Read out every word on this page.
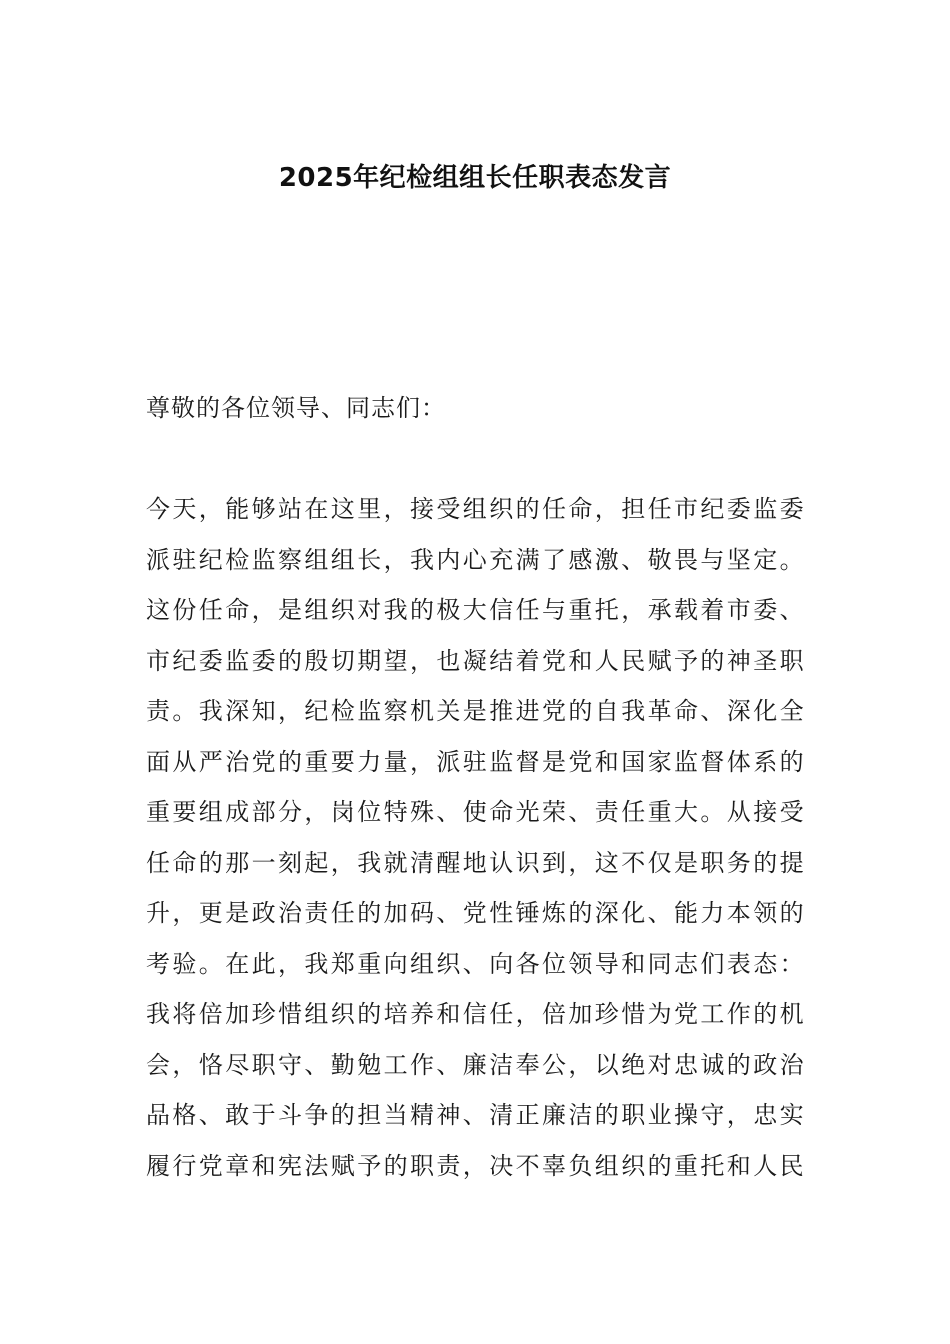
2025年纪检组组长任职表态发言
尊敬的各位领导、同志们：
今天，能够站在这里，接受组织的任命，担任市纪委监委
派驻纪检监察组组长，我内心充满了感激、敬畏与坚定。
这份任命，是组织对我的极大信任与重托，承载着市委、
市纪委监委的殷切期望，也凝结着党和人民赋予的神圣职
责。我深知，纪检监察机关是推进党的自我革命、深化全
面从严治党的重要力量，派驻监督是党和国家监督体系的
重要组成部分，岗位特殊、使命光荣、责任重大。从接受
任命的那一刻起，我就清醒地认识到，这不仅是职务的提
升，更是政治责任的加码、党性锤炼的深化、能力本领的
考验。在此，我郑重向组织、向各位领导和同志们表态：
我将倍加珍惜组织的培养和信任，倍加珍惜为党工作的机
会，恪尽职守、勤勉工作、廉洁奉公，以绝对忠诚的政治
品格、敢于斗争的担当精神、清正廉洁的职业操守，忠实
履行党章和宪法赋予的职责，决不辜负组织的重托和人民
